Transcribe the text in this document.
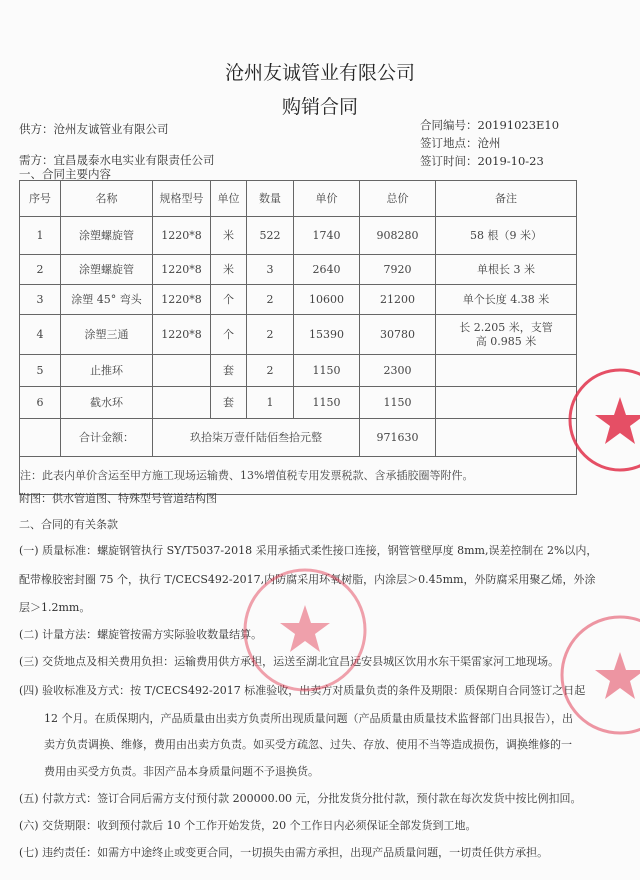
沧州友诚管业有限公司
购销合同
供方：沧州友诚管业有限公司
需方：宜昌晟泰水电实业有限责任公司
合同编号：20191023E10
签订地点：沧州
签订时间：2019-10-23
一、合同主要内容
序号	名称	规格型号	单位	数量	单价	总价	备注
1	涂塑螺旋管	1220*8	米	522	1740	908280	58 根（9 米）
2	涂塑螺旋管	1220*8	米	3	2640	7920	单根长 3 米
3	涂塑 45° 弯头	1220*8	个	2	10600	21200	单个长度 4.38 米
4	涂塑三通	1220*8	个	2	15390	30780	长 2.205 米，支管高 0.985 米
5	止推环		套	2	1150	2300	
6	截水环		套	1	1150	1150	
	合计金额：	玖拾柒万壹仟陆佰叁拾元整				971630	
注：此表内单价含运至甲方施工现场运输费、13%增值税专用发票税款、含承插胶圈等附件。							
附图：供水管道图、特殊型号管道结构图
二、合同的有关条款
(一) 质量标准：螺旋钢管执行 SY/T5037-2018 采用承插式柔性接口连接，钢管管壁厚度 8mm,误差控制在 2%以内，
配带橡胶密封圈 75 个，执行 T/CECS492-2017,内防腐采用环氧树脂，内涂层＞0.45mm，外防腐采用聚乙烯，外涂
层＞1.2mm。
(二) 计量方法：螺旋管按需方实际验收数量结算。
(三) 交货地点及相关费用负担：运输费用供方承担，运送至湖北宜昌远安县城区饮用水东干渠雷家河工地现场。
(四) 验收标准及方式：按 T/CECS492-2017 标准验收，出卖方对质量负责的条件及期限：质保期自合同签订之日起
12 个月。在质保期内，产品质量由出卖方负责所出现质量问题（产品质量由质量技术监督部门出具报告），出
卖方负责调换、维修，费用由出卖方负责。如买受方疏忽、过失、存放、使用不当等造成损伤，调换维修的一
费用由买受方负责。非因产品本身质量问题不予退换货。
(五) 付款方式：签订合同后需方支付预付款 200000.00 元，分批发货分批付款，预付款在每次发货中按比例扣回。
(六) 交货期限：收到预付款后 10 个工作开始发货，20 个工作日内必须保证全部发货到工地。
(七) 违约责任：如需方中途终止或变更合同，一切损失由需方承担，出现产品质量问题，一切责任供方承担。
